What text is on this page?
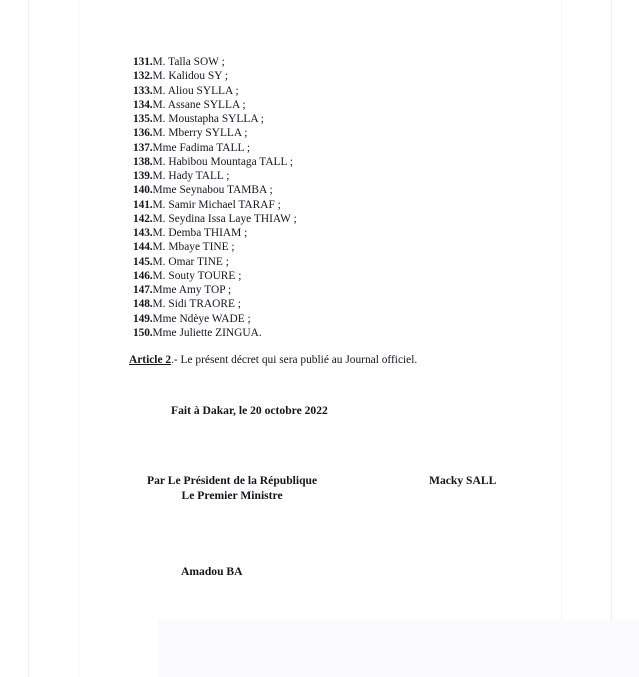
131.M. Talla SOW ;
132.M. Kalidou SY ;
133.M. Aliou SYLLA ;
134.M. Assane SYLLA ;
135.M. Moustapha SYLLA ;
136.M. Mberry SYLLA ;
137.Mme Fadima TALL ;
138.M. Habibou Mountaga TALL ;
139.M. Hady TALL ;
140.Mme Seynabou TAMBA ;
141.M. Samir Michael TARAF ;
142.M. Seydina Issa Laye THIAW ;
143.M. Demba THIAM ;
144.M. Mbaye TINE ;
145.M. Omar TINE ;
146.M. Souty TOURE ;
147.Mme Amy TOP ;
148.M. Sidi TRAORE ;
149.Mme Ndèye WADE ;
150.Mme Juliette ZINGUA.
Article 2.- Le présent décret qui sera publié au Journal officiel.
Fait à Dakar, le 20 octobre 2022
Par Le Président de la République
Le Premier Ministre
Macky SALL
Amadou BA
